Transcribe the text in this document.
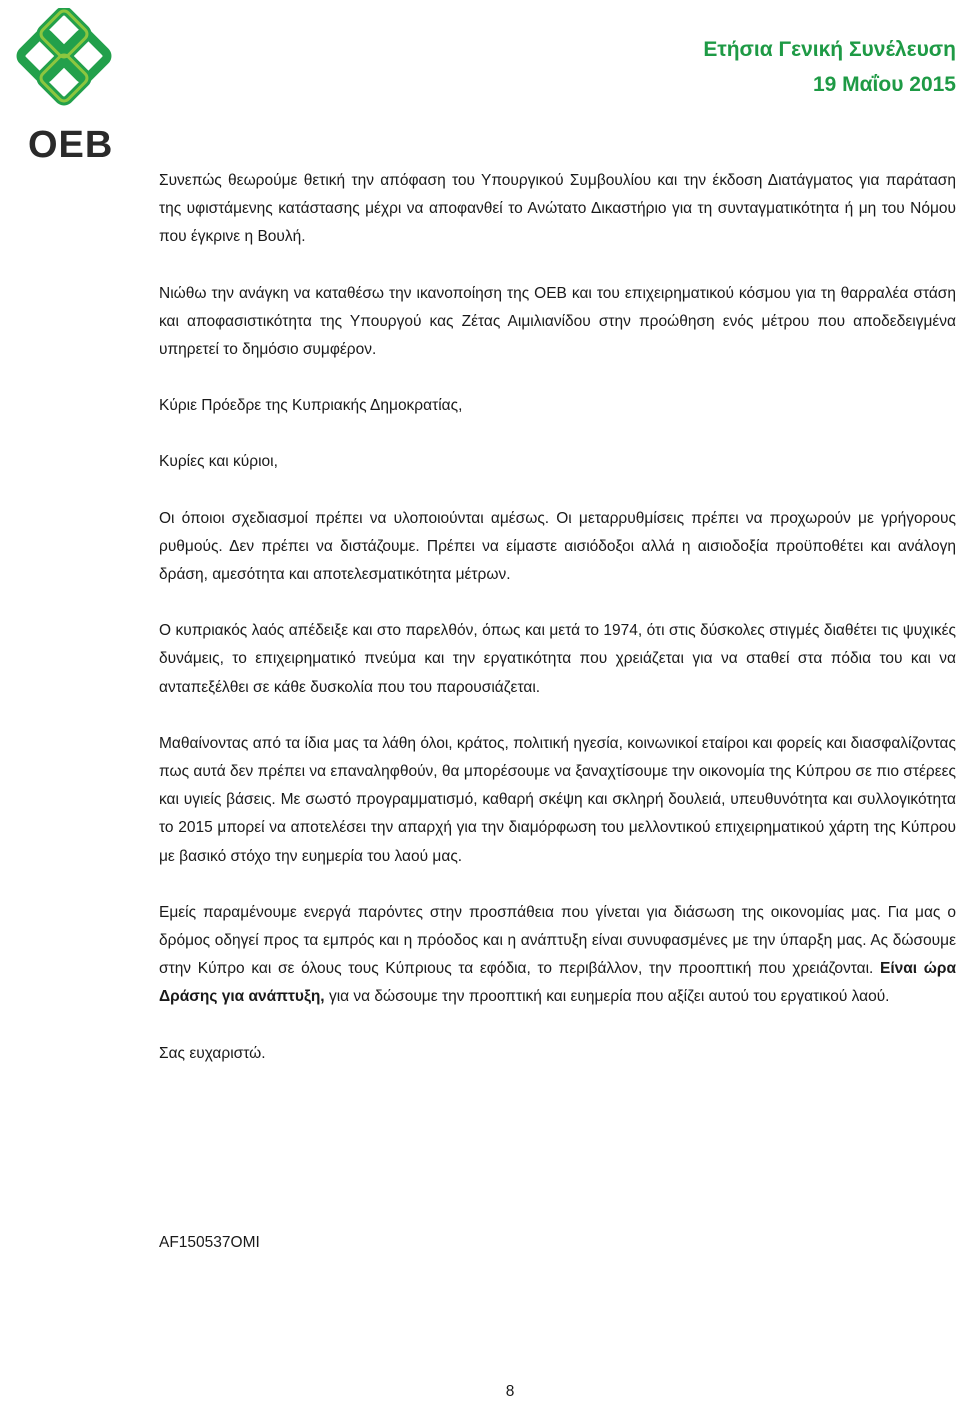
OEB
Ετήσια Γενική Συνέλευση
19 Μαΐου 2015

Συνεπώς θεωρούμε θετική την απόφαση του Υπουργικού Συμβουλίου και την έκδοση Διατάγματος για παράταση της υφιστάμενης κατάστασης μέχρι να αποφανθεί το Ανώτατο Δικαστήριο για τη συνταγματικότητα ή μη του Νόμου που έγκρινε η Βουλή.

Νιώθω την ανάγκη να καταθέσω την ικανοποίηση της ΟΕΒ και του επιχειρηματικού κόσμου για τη θαρραλέα στάση και αποφασιστικότητα της Υπουργού κας Ζέτας Αιμιλιανίδου στην προώθηση ενός μέτρου που αποδεδειγμένα υπηρετεί το δημόσιο συμφέρον.

Κύριε Πρόεδρε της Κυπριακής Δημοκρατίας,

Κυρίες και κύριοι,

Οι όποιοι σχεδιασμοί πρέπει να υλοποιούνται αμέσως. Οι μεταρρυθμίσεις πρέπει να προχωρούν με γρήγορους ρυθμούς. Δεν πρέπει να διστάζουμε. Πρέπει να είμαστε αισιόδοξοι αλλά η αισιοδοξία προϋποθέτει και ανάλογη δράση, αμεσότητα και αποτελεσματικότητα μέτρων.

Ο κυπριακός λαός απέδειξε και στο παρελθόν, όπως και μετά το 1974, ότι στις δύσκολες στιγμές διαθέτει τις ψυχικές δυνάμεις, το επιχειρηματικό πνεύμα και την εργατικότητα που χρειάζεται για να σταθεί στα πόδια του και να ανταπεξέλθει σε κάθε δυσκολία που του παρουσιάζεται.

Μαθαίνοντας από τα ίδια μας τα λάθη όλοι, κράτος, πολιτική ηγεσία, κοινωνικοί εταίροι και φορείς και διασφαλίζοντας πως αυτά δεν πρέπει να επαναληφθούν, θα μπορέσουμε να ξαναχτίσουμε την οικονομία της Κύπρου σε πιο στέρεες και υγιείς βάσεις. Με σωστό προγραμματισμό, καθαρή σκέψη και σκληρή δουλειά, υπευθυνότητα και συλλογικότητα το 2015 μπορεί να αποτελέσει την απαρχή για την διαμόρφωση του μελλοντικού επιχειρηματικού χάρτη της Κύπρου με βασικό στόχο την ευημερία του λαού μας.

Εμείς παραμένουμε ενεργά παρόντες στην προσπάθεια που γίνεται για διάσωση της οικονομίας μας. Για μας ο δρόμος οδηγεί προς τα εμπρός και η πρόοδος και η ανάπτυξη είναι συνυφασμένες με την ύπαρξη μας. Ας δώσουμε στην Κύπρο και σε όλους τους Κύπριους τα εφόδια, το περιβάλλον, την προοπτική που χρειάζονται. Είναι ώρα Δράσης για ανάπτυξη, για να δώσουμε την προοπτική και ευημερία που αξίζει αυτού του εργατικού λαού.

Σας ευχαριστώ.

AF150537OMI
8
